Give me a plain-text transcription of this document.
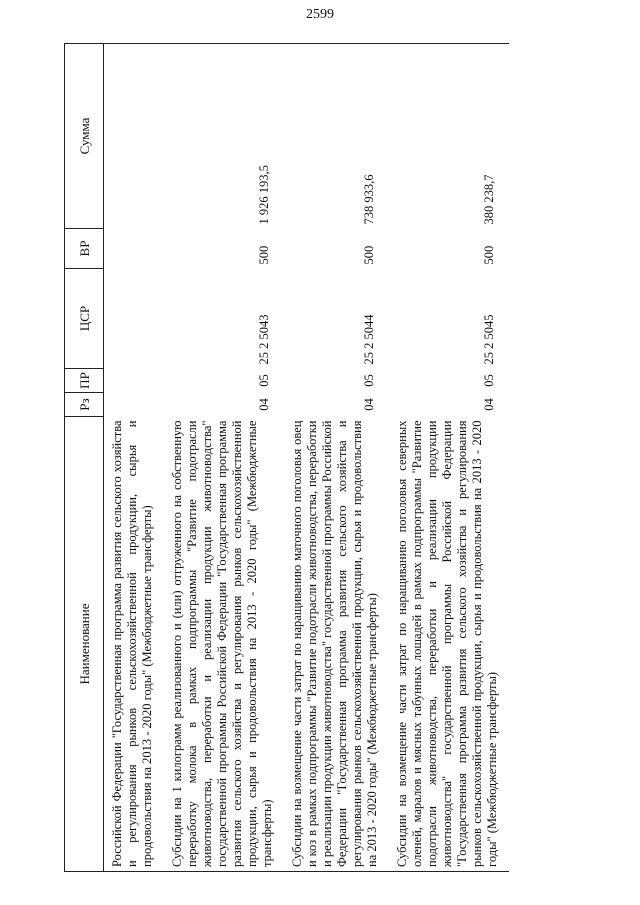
2599
Наименование	Рз	ПР	ЦСР	ВР	Сумма
Российской Федерации "Государственная программа развития сельского хозяйства и регулирования рынков сельскохозяйственной продукции, сырья и продовольствия на 2013 - 2020 годы" (Межбюджетные трансферты)					
Субсидии на 1 килограмм реализованного и (или) отгруженного на собственную переработку молока в рамках подпрограммы "Развитие подотрасли животноводства, переработки и реализации продукции животноводства" государственной программы Российской Федерации "Государственная программа развития сельского хозяйства и регулирования рынков сельскохозяйственной продукции, сырья и продовольствия на 2013 - 2020 годы" (Межбюджетные трансферты)	04	05	25 2 5043	500	1 926 193,5
Субсидии на возмещение части затрат по наращиванию маточного поголовья овец и коз в рамках подпрограммы "Развитие подотрасли животноводства, переработки и реализации продукции животноводства" государственной программы Российской Федерации "Государственная программа развития сельского хозяйства и регулирования рынков сельскохозяйственной продукции, сырья и продовольствия на 2013 - 2020 годы" (Межбюджетные трансферты)	04	05	25 2 5044	500	738 933,6
Субсидии на возмещение части затрат по наращиванию поголовья северных оленей, маралов и мясных табунных лошадей в рамках подпрограммы "Развитие подотрасли животноводства, переработки и реализации продукции животноводства" государственной программы Российской Федерации "Государственная программа развития сельского хозяйства и регулирования рынков сельскохозяйственной продукции, сырья и продовольствия на 2013 - 2020 годы" (Межбюджетные трансферты)	04	05	25 2 5045	500	380 238,7
